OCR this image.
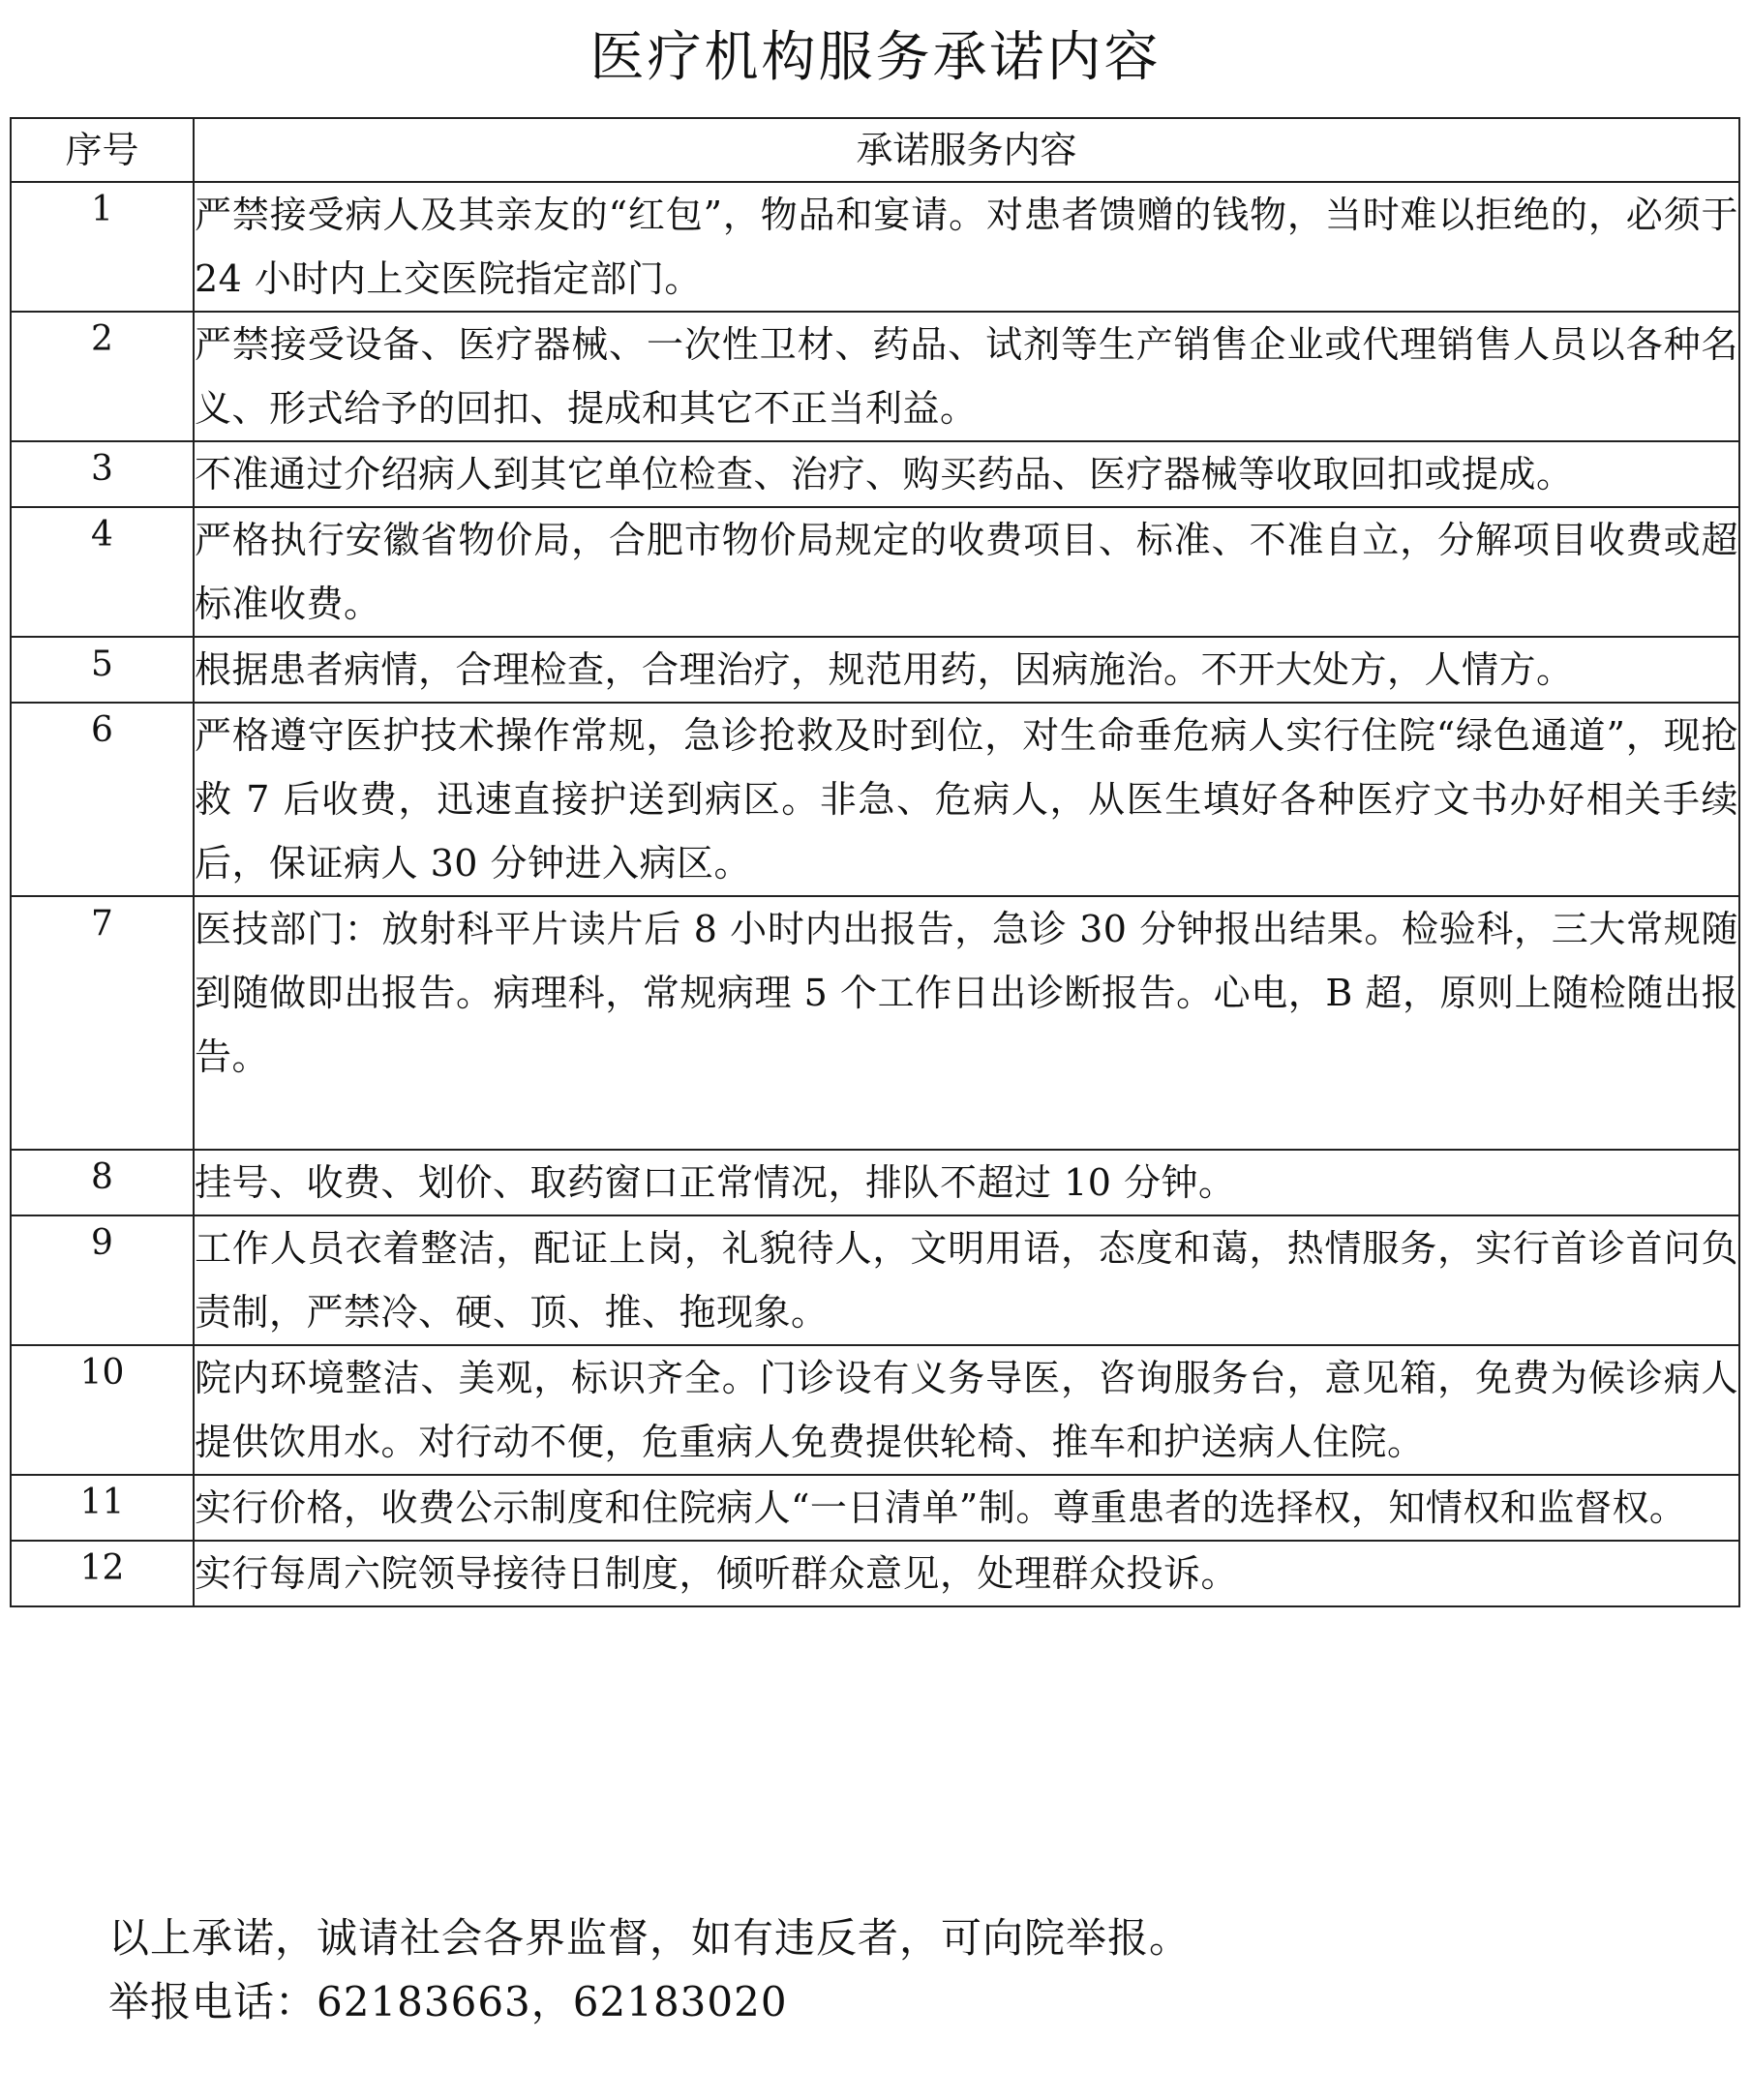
医疗机构服务承诺内容
序号	承诺服务内容
1	严禁接受病人及其亲友的“红包”，物品和宴请。对患者馈赠的钱物，当时难以拒绝的，必须于 24 小时内上交医院指定部门。
2	严禁接受设备、医疗器械、一次性卫材、药品、试剂等生产销售企业或代理销售人员以各种名义、形式给予的回扣、提成和其它不正当利益。
3	不准通过介绍病人到其它单位检查、治疗、购买药品、医疗器械等收取回扣或提成。
4	严格执行安徽省物价局，合肥市物价局规定的收费项目、标准、不准自立，分解项目收费或超标准收费。
5	根据患者病情，合理检查，合理治疗，规范用药，因病施治。不开大处方，人情方。
6	严格遵守医护技术操作常规，急诊抢救及时到位，对生命垂危病人实行住院“绿色通道”，现抢救 7 后收费，迅速直接护送到病区。非急、危病人，从医生填好各种医疗文书办好相关手续后，保证病人 30 分钟进入病区。
7	医技部门：放射科平片读片后 8 小时内出报告，急诊 30 分钟报出结果。检验科，三大常规随到随做即出报告。病理科，常规病理 5 个工作日出诊断报告。心电，B 超，原则上随检随出报告。
8	挂号、收费、划价、取药窗口正常情况，排队不超过 10 分钟。
9	工作人员衣着整洁，配证上岗，礼貌待人，文明用语，态度和蔼，热情服务，实行首诊首问负责制，严禁冷、硬、顶、推、拖现象。
10	院内环境整洁、美观，标识齐全。门诊设有义务导医，咨询服务台，意见箱，免费为候诊病人提供饮用水。对行动不便，危重病人免费提供轮椅、推车和护送病人住院。
11	实行价格，收费公示制度和住院病人“一日清单”制。尊重患者的选择权，知情权和监督权。
12	实行每周六院领导接待日制度，倾听群众意见，处理群众投诉。
以上承诺，诚请社会各界监督，如有违反者，可向院举报。
举报电话：62183663，62183020
